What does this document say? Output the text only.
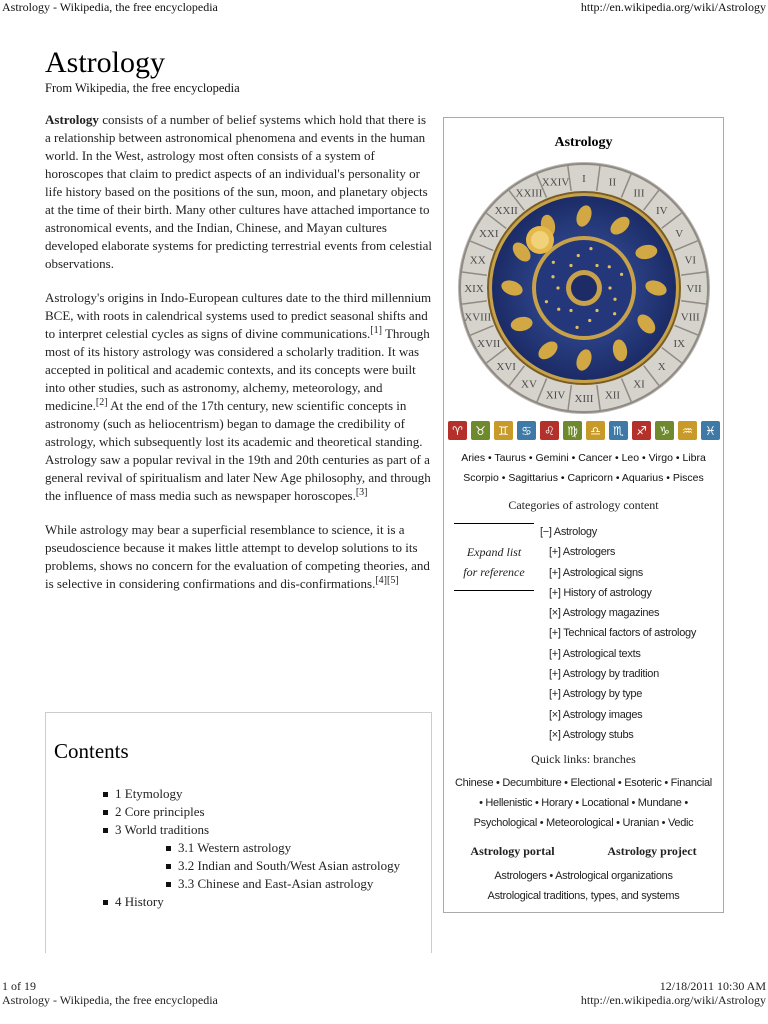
Astrology - Wikipedia, the free encyclopedia	http://en.wikipedia.org/wiki/Astrology
Astrology
From Wikipedia, the free encyclopedia

Astrology consists of a number of belief systems which hold that there is a relationship between astronomical phenomena and events in the human world. In the West, astrology most often consists of a system of horoscopes that claim to predict aspects of an individual's personality or life history based on the positions of the sun, moon, and planetary objects at the time of their birth. Many other cultures have attached importance to astronomical events, and the Indian, Chinese, and Mayan cultures developed elaborate systems for predicting terrestrial events from celestial observations.

Astrology's origins in Indo-European cultures date to the third millennium BCE, with roots in calendrical systems used to predict seasonal shifts and to interpret celestial cycles as signs of divine communications.[1] Through most of its history astrology was considered a scholarly tradition. It was accepted in political and academic contexts, and its concepts were built into other studies, such as astronomy, alchemy, meteorology, and medicine.[2] At the end of the 17th century, new scientific concepts in astronomy (such as heliocentrism) began to damage the credibility of astrology, which subsequently lost its academic and theoretical standing. Astrology saw a popular revival in the 19th and 20th centuries as part of a general revival of spiritualism and later New Age philosophy, and through the influence of mass media such as newspaper horoscopes.[3]

While astrology may bear a superficial resemblance to science, it is a pseudoscience because it makes little attempt to develop solutions to its problems, shows no concern for the evaluation of competing theories, and is selective in considering confirmations and dis-confirmations.[4][5]

Contents
1 Etymology
2 Core principles
3 World traditions
3.1 Western astrology
3.2 Indian and South/West Asian astrology
3.3 Chinese and East-Asian astrology
4 History
Astrology
I II
III
IV
V
VI
VII
VIII
IX
X
XI
XII
XIII
XIV
XV
XVI
XVII
XVIII
XIX
XX
XXI
XXII
XXIII
XXIV
♈	♉	♊	♋	♌	♍	♎	♏	♐	♑	♒	♓
Aries • Taurus • Gemini • Cancer • Leo • Virgo • Libra
Scorpio • Sagittarius • Capricorn • Aquarius • Pisces
Categories of astrology content
Expand list
for reference
[−] Astrology
[+] Astrologers
[+] Astrological signs
[+] History of astrology
[×] Astrology magazines
[+] Technical factors of astrology
[+] Astrological texts
[+] Astrology by tradition
[+] Astrology by type
[×] Astrology images
[×] Astrology stubs
Quick links: branches
Chinese • Decumbiture • Electional • Esoteric • Financial
• Hellenistic • Horary • Locational • Mundane •
Psychological • Meteorological • Uranian • Vedic
Astrology portal	Astrology project
Astrologers • Astrological organizations
Astrological traditions, types, and systems
1 of 19	12/18/2011 10:30 AM
Astrology - Wikipedia, the free encyclopedia	http://en.wikipedia.org/wiki/Astrology
